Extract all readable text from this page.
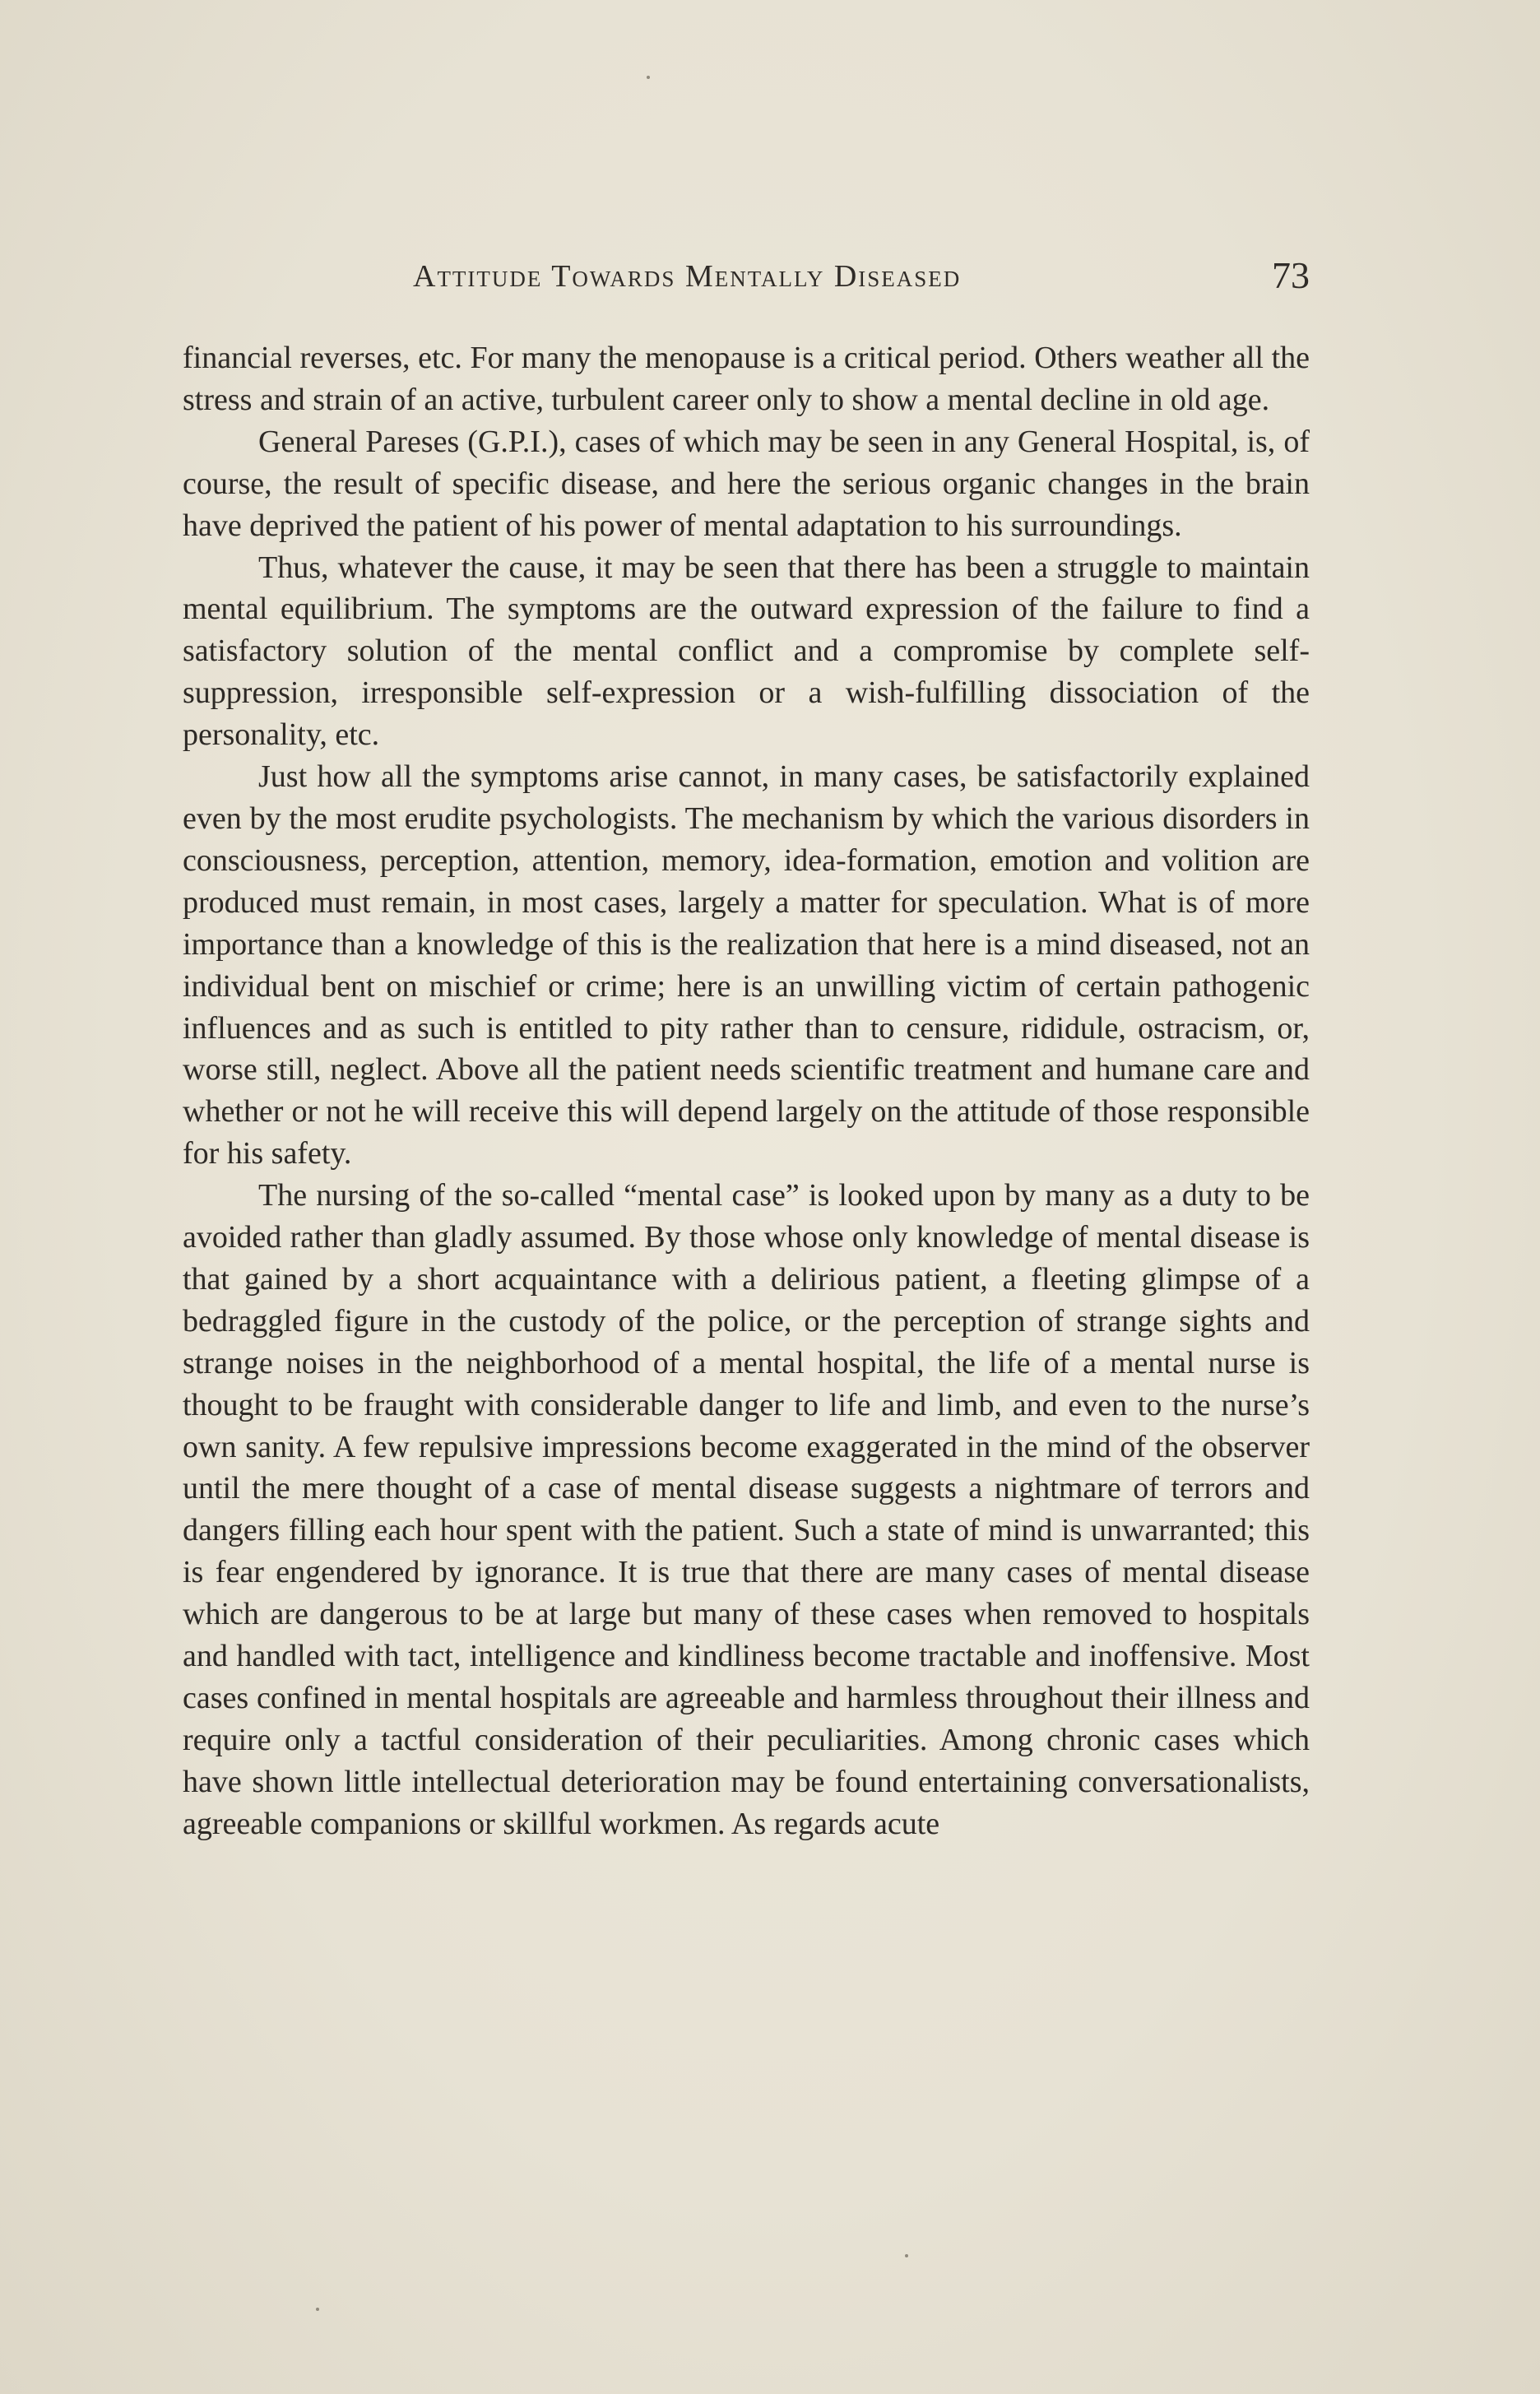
Attitude Towards Mentally Diseased	73

financial reverses, etc. For many the menopause is a critical period. Others weather all the stress and strain of an active, turbulent career only to show a mental decline in old age.

General Pareses (G.P.I.), cases of which may be seen in any General Hospital, is, of course, the result of specific disease, and here the serious organic changes in the brain have deprived the patient of his power of mental adaptation to his surroundings.

Thus, whatever the cause, it may be seen that there has been a struggle to maintain mental equilibrium. The symptoms are the outward expression of the failure to find a satisfactory solution of the mental conflict and a compromise by complete self-suppression, irresponsible self-expression or a wish-fulfilling dissociation of the personality, etc.

Just how all the symptoms arise cannot, in many cases, be satisfactorily explained even by the most erudite psychologists. The mechanism by which the various disorders in consciousness, perception, attention, memory, idea-formation, emotion and volition are produced must remain, in most cases, largely a matter for speculation. What is of more importance than a knowledge of this is the realization that here is a mind diseased, not an individual bent on mischief or crime; here is an unwilling victim of certain pathogenic influences and as such is entitled to pity rather than to censure, rididule, ostracism, or, worse still, neglect. Above all the patient needs scientific treatment and humane care and whether or not he will receive this will depend largely on the attitude of those responsible for his safety.

The nursing of the so-called “mental case” is looked upon by many as a duty to be avoided rather than gladly assumed. By those whose only knowledge of mental disease is that gained by a short acquaintance with a delirious patient, a fleeting glimpse of a bedraggled figure in the custody of the police, or the perception of strange sights and strange noises in the neighborhood of a mental hospital, the life of a mental nurse is thought to be fraught with considerable danger to life and limb, and even to the nurse’s own sanity. A few repulsive impressions become exaggerated in the mind of the observer until the mere thought of a case of mental disease suggests a nightmare of terrors and dangers filling each hour spent with the patient. Such a state of mind is unwarranted; this is fear engendered by ignorance. It is true that there are many cases of mental disease which are dangerous to be at large but many of these cases when removed to hospitals and handled with tact, intelligence and kindliness become tractable and inoffensive. Most cases confined in mental hospitals are agreeable and harmless throughout their illness and require only a tactful consideration of their peculiarities. Among chronic cases which have shown little intellectual deterioration may be found entertaining conversationalists, agreeable companions or skillful workmen. As regards acute
